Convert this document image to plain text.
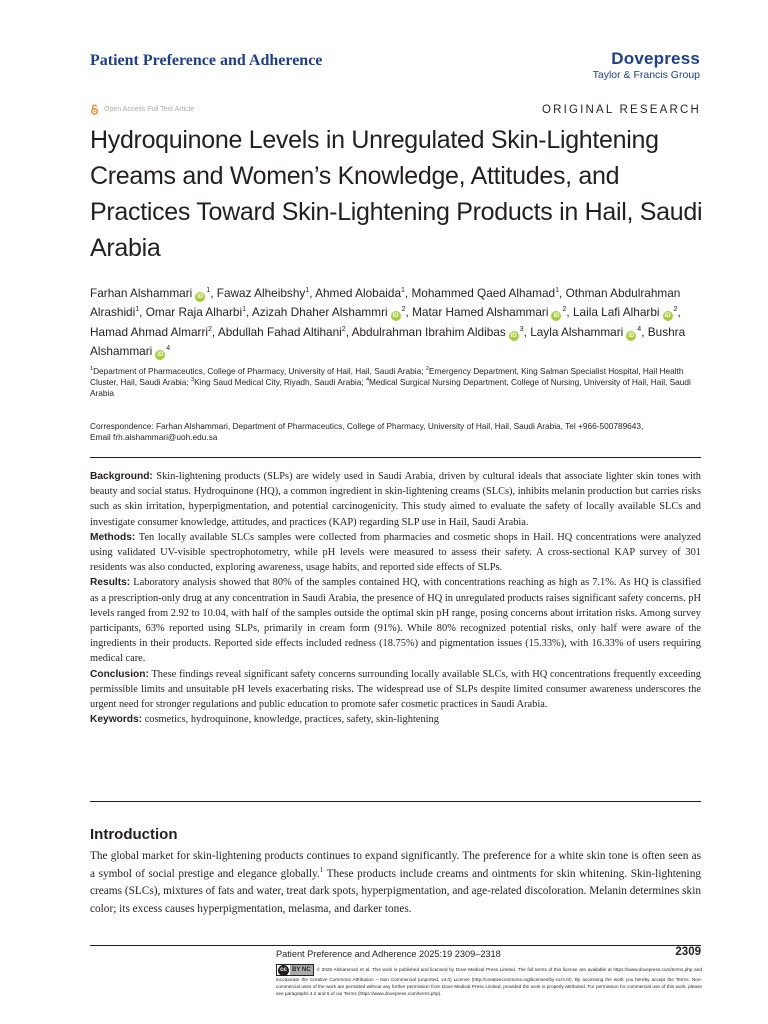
Patient Preference and Adherence	Dovepress
Taylor & Francis Group
Open Access Full Text Article	ORIGINAL RESEARCH
Hydroquinone Levels in Unregulated Skin-Lightening Creams and Women’s Knowledge, Attitudes, and Practices Toward Skin-Lightening Products in Hail, Saudi Arabia
Farhan Alshammari $iD^1$, Fawaz Alheibshy$^1$, Ahmed Alobaida$^1$, Mohammed Qaed Alhamad$^1$, Othman Abdulrahman Alrashidi$^1$, Omar Raja Alharbi$^1$, Azizah Dhaher Alshammri $iD^2$, Matar Hamed Alshammari $iD^2$, Laila Lafi Alharbi $iD^2$, Hamad Ahmad Almarri$^2$, Abdullah Fahad Altihani$^2$, Abdulrahman Ibrahim Aldibas $iD^3$, Layla Alshammari $iD^4$, Bushra Alshammari $iD^4$
$^1$Department of Pharmaceutics, College of Pharmacy, University of Hail, Hail, Saudi Arabia; $^2$Emergency Department, King Salman Specialist Hospital, Hail Health Cluster, Hail, Saudi Arabia; $^3$King Saud Medical City, Riyadh, Saudi Arabia; $^4$Medical Surgical Nursing Department, College of Nursing, University of Hail, Hail, Saudi Arabia
Correspondence: Farhan Alshammari, Department of Pharmaceutics, College of Pharmacy, University of Hail, Hail, Saudi Arabia, Tel +966-500789643,
Email frh.alshammari@uoh.edu.sa

Background: Skin-lightening products (SLPs) are widely used in Saudi Arabia, driven by cultural ideals that associate lighter skin tones with beauty and social status. Hydroquinone (HQ), a common ingredient in skin-lightening creams (SLCs), inhibits melanin production but carries risks such as skin irritation, hyperpigmentation, and potential carcinogenicity. This study aimed to evaluate the safety of locally available SLCs and investigate consumer knowledge, attitudes, and practices (KAP) regarding SLP use in Hail, Saudi Arabia.

Methods: Ten locally available SLCs samples were collected from pharmacies and cosmetic shops in Hail. HQ concentrations were analyzed using validated UV-visible spectrophotometry, while pH levels were measured to assess their safety. A cross-sectional KAP survey of 301 residents was also conducted, exploring awareness, usage habits, and reported side effects of SLPs.

Results: Laboratory analysis showed that 80% of the samples contained HQ, with concentrations reaching as high as 7.1%. As HQ is classified as a prescription-only drug at any concentration in Saudi Arabia, the presence of HQ in unregulated products raises significant safety concerns. pH levels ranged from 2.92 to 10.04, with half of the samples outside the optimal skin pH range, posing concerns about irritation risks. Among survey participants, 63% reported using SLPs, primarily in cream form (91%). While 80% recognized potential risks, only half were aware of the ingredients in their products. Reported side effects included redness (18.75%) and pigmentation issues (15.33%), with 16.33% of users requiring medical care.

Conclusion: These findings reveal significant safety concerns surrounding locally available SLCs, with HQ concentrations frequently exceeding permissible limits and unsuitable pH levels exacerbating risks. The widespread use of SLPs despite limited consumer awareness underscores the urgent need for stronger regulations and public education to promote safer cosmetic practices in Saudi Arabia.

Keywords: cosmetics, hydroquinone, knowledge, practices, safety, skin-lightening

Introduction

The global market for skin-lightening products continues to expand significantly. The preference for a white skin tone is often seen as a symbol of social prestige and elegance globally.$^1$ These products include creams and ointments for skin whitening. Skin-lightening creams (SLCs), mixtures of fats and water, treat dark spots, hyperpigmentation, and age-related discoloration. Melanin determines skin color; its excess causes hyperpigmentation, melasma, and darker tones.

Patient Preference and Adherence 2025:19 2309–2318	2309
cc BY NC	© 2025 Alshammari et al. This work is published and licensed by Dove Medical Press Limited. The full terms of this license are available at https://www.dovepress.com/terms.php and incorporate the Creative Commons Attribution – Non Commercial (unported, v4.0) License (http://creativecommons.org/licenses/by-nc/4.0/). By accessing the work you hereby accept the Terms. Non-commercial uses of the work are permitted without any further permission from Dove Medical Press Limited, provided the work is properly attributed. For permission for commercial use of this work, please see paragraphs 4.2 and 5 of our Terms (https://www.dovepress.com/terms.php).
